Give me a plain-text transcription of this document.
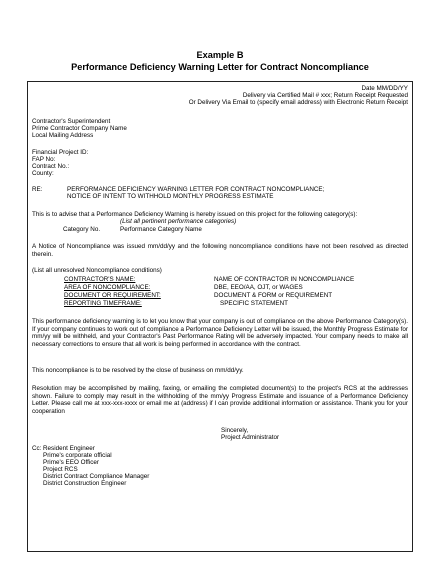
Example B
Performance Deficiency Warning Letter for Contract Noncompliance
Date MM/DD/YY
Delivery via Certified Mail # xxx; Return Receipt Requested
Or Delivery Via Email to (specify email address) with Electronic Return Receipt
Contractor's Superintendent
Prime Contractor Company Name
Local Mailing Address
Financial Project ID:
FAP No:
Contract No.:
County:
RE:	PERFORMANCE DEFICIENCY WARNING LETTER FOR CONTRACT NONCOMPLIANCE;
NOTICE OF INTENT TO WITHHOLD MONTHLY PROGRESS ESTIMATE
This is to advise that a Performance Deficiency Warning is hereby issued on this project for the following category(s):
(List all pertinent performance categories)
Category No.	Performance Category Name
A Notice of Noncompliance was issued mm/dd/yy and the following noncompliance conditions have not been resolved as directed therein.
(List all unresolved Noncompliance conditions)
CONTRACTOR'S NAME:	NAME OF CONTRACTOR IN NONCOMPLIANCE
AREA OF NONCOMPLIANCE:	DBE, EEO/AA, OJT, or WAGES
DOCUMENT OR REQUIREMENT:	DOCUMENT & FORM or REQUIREMENT
REPORTING TIMEFRAME:	SPECIFIC STATEMENT
This performance deficiency warning is to let you know that your company is out of compliance on the above Performance Category(s). If your company continues to work out of compliance a Performance Deficiency Letter will be issued, the Monthly Progress Estimate for mm/yy will be withheld, and your Contractor's Past Performance Rating will be adversely impacted. Your company needs to make all necessary corrections to ensure that all work is being performed in accordance with the contract.
This noncompliance is to be resolved by the close of business on mm/dd/yy.
Resolution may be accomplished by mailing, faxing, or emailing the completed document(s) to the project's RCS at the addresses shown. Failure to comply may result in the withholding of the mm/yy Progress Estimate and issuance of a Performance Deficiency Letter. Please call me at xxx-xxx-xxxx or email me at (address) if I can provide additional information or assistance. Thank you for your cooperation
Sincerely,
Project Administrator
Cc: Resident Engineer
Prime's corporate official
Prime's EEO Officer
Project RCS
District Contract Compliance Manager
District Construction Engineer
